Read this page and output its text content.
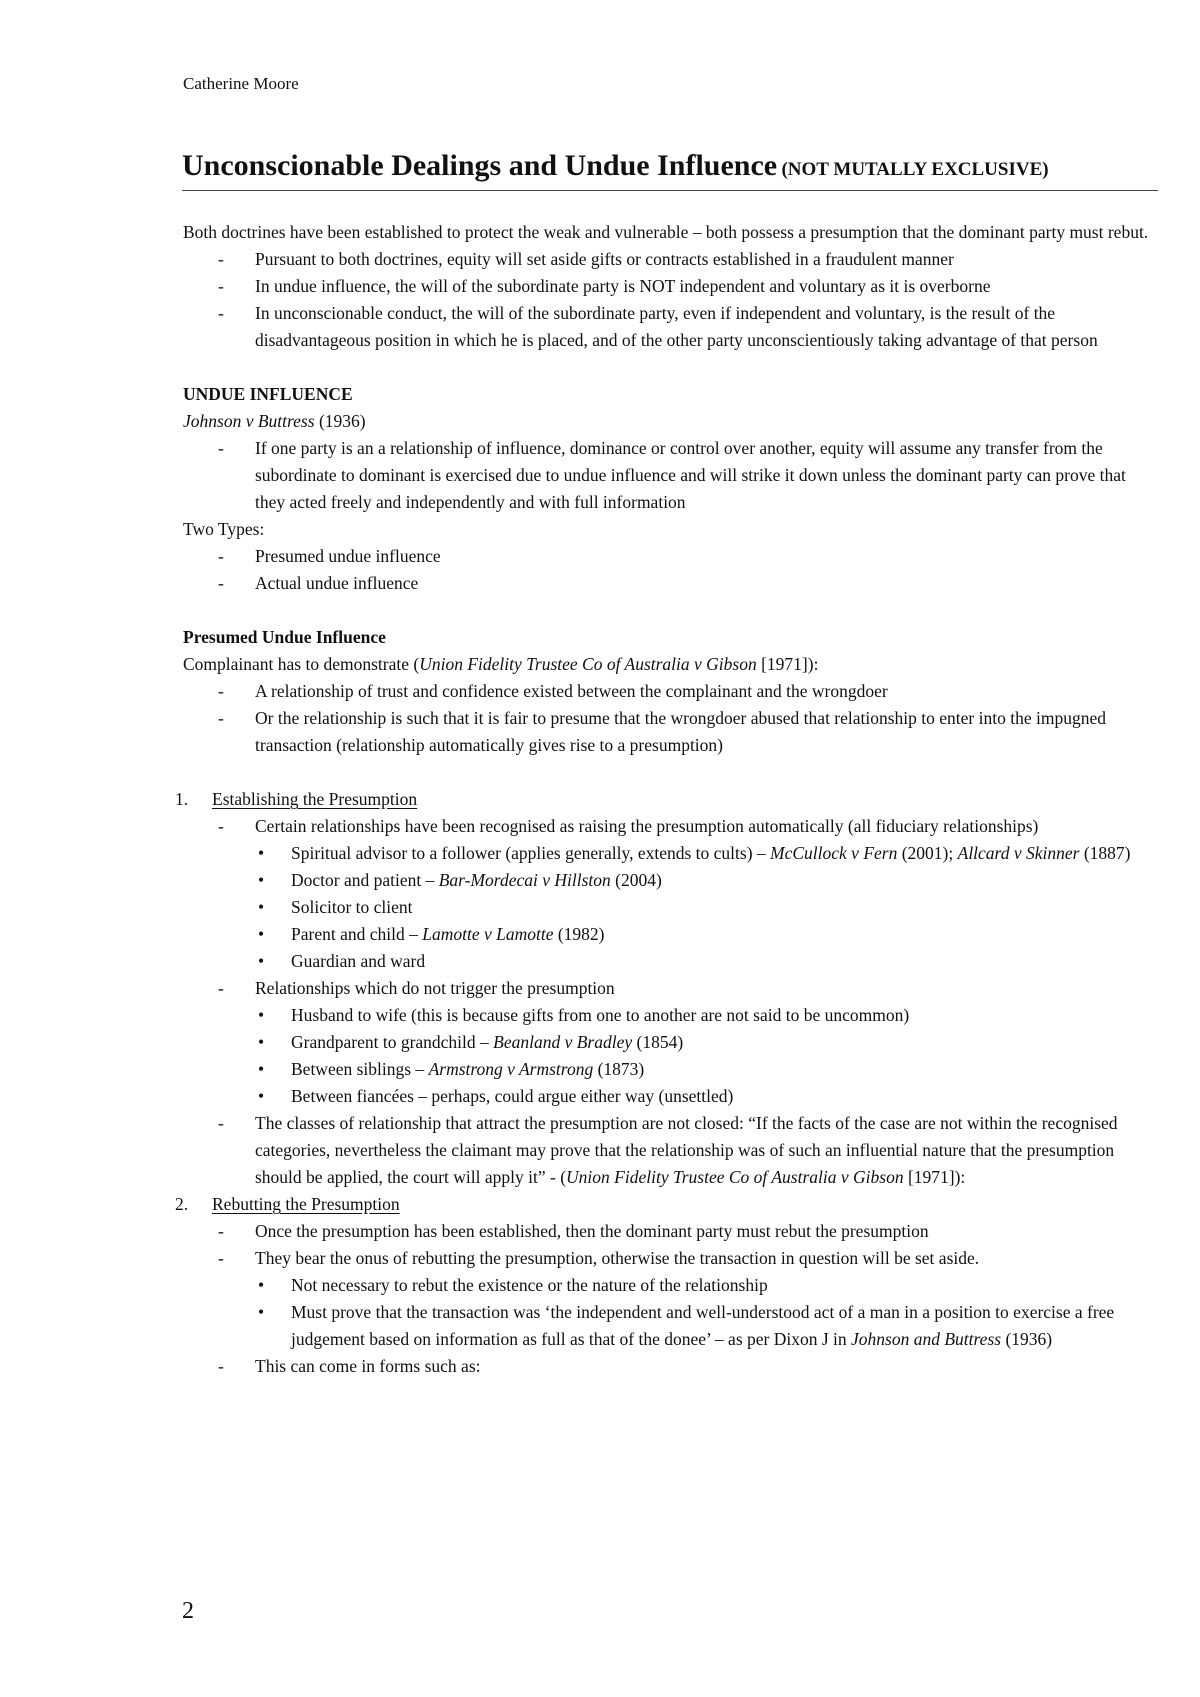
Catherine Moore
Unconscionable Dealings and Undue Influence (NOT MUTALLY EXCLUSIVE)

Both doctrines have been established to protect the weak and vulnerable – both possess a presumption that the dominant party must rebut.

- Pursuant to both doctrines, equity will set aside gifts or contracts established in a fraudulent manner
- In undue influence, the will of the subordinate party is NOT independent and voluntary as it is overborne
- In unconscionable conduct, the will of the subordinate party, even if independent and voluntary, is the result of the disadvantageous position in which he is placed, and of the other party unconscientiously taking advantage of that person

UNDUE INFLUENCE

Johnson v Buttress (1936)

- If one party is an a relationship of influence, dominance or control over another, equity will assume any transfer from the subordinate to dominant is exercised due to undue influence and will strike it down unless the dominant party can prove that they acted freely and independently and with full information

Two Types:

- Presumed undue influence
- Actual undue influence

Presumed Undue Influence

Complainant has to demonstrate (Union Fidelity Trustee Co of Australia v Gibson [1971]):

- A relationship of trust and confidence existed between the complainant and the wrongdoer
- Or the relationship is such that it is fair to presume that the wrongdoer abused that relationship to enter into the impugned transaction (relationship automatically gives rise to a presumption)
1. Establishing the Presumption
- Certain relationships have been recognised as raising the presumption automatically (all fiduciary relationships)
• Spiritual advisor to a follower (applies generally, extends to cults) – McCullock v Fern (2001); Allcard v Skinner (1887)
• Doctor and patient – Bar-Mordecai v Hillston (2004)
• Solicitor to client
• Parent and child – Lamotte v Lamotte (1982)
• Guardian and ward
- Relationships which do not trigger the presumption
• Husband to wife (this is because gifts from one to another are not said to be uncommon)
• Grandparent to grandchild – Beanland v Bradley (1854)
• Between siblings – Armstrong v Armstrong (1873)
• Between fiancées – perhaps, could argue either way (unsettled)
- The classes of relationship that attract the presumption are not closed: “If the facts of the case are not within the recognised categories, nevertheless the claimant may prove that the relationship was of such an influential nature that the presumption should be applied, the court will apply it” - (Union Fidelity Trustee Co of Australia v Gibson [1971]):
2. Rebutting the Presumption
- Once the presumption has been established, then the dominant party must rebut the presumption
- They bear the onus of rebutting the presumption, otherwise the transaction in question will be set aside.
• Not necessary to rebut the existence or the nature of the relationship
• Must prove that the transaction was ‘the independent and well-understood act of a man in a position to exercise a free judgement based on information as full as that of the donee’ – as per Dixon J in Johnson and Buttress (1936)
- This can come in forms such as:
2
